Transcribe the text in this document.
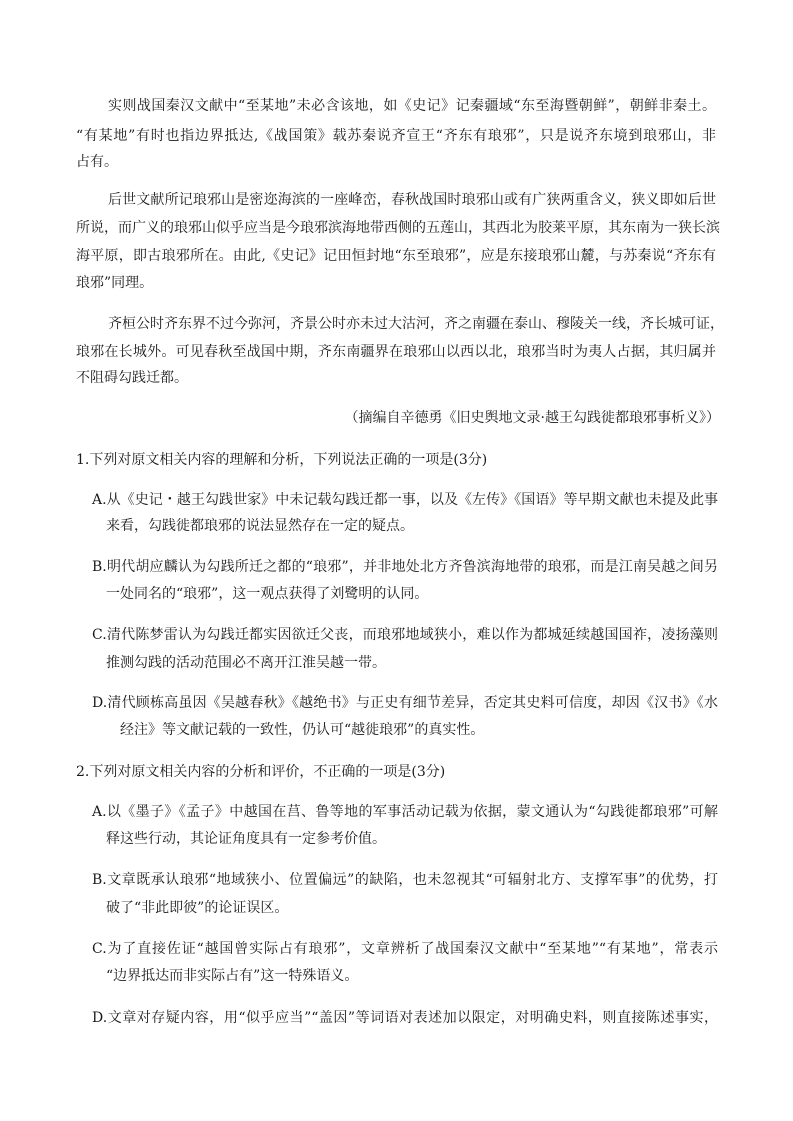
实则战国秦汉文献中“至某地”未必含该地，如《史记》记秦疆域“东至海暨朝鲜”，朝鲜非秦土。
“有某地”有时也指边界抵达,《战国策》载苏秦说齐宣王“齐东有琅邪”，只是说齐东境到琅邪山，非
占有。
后世文献所记琅邪山是密迩海滨的一座峰峦，春秋战国时琅邪山或有广狭两重含义，狭义即如后世
所说，而广义的琅邪山似乎应当是今琅邪滨海地带西侧的五莲山，其西北为胶莱平原，其东南为一狭长滨
海平原，即古琅邪所在。由此,《史记》记田恒封地“东至琅邪”，应是东接琅邪山麓，与苏秦说“齐东有
琅邪”同理。
齐桓公时齐东界不过今弥河，齐景公时亦未过大沽河，齐之南疆在泰山、穆陵关一线，齐长城可证，
琅邪在长城外。可见春秋至战国中期，齐东南疆界在琅邪山以西以北，琅邪当时为夷人占据，其归属并
不阻碍勾践迁都。
（摘编自辛德勇《旧史舆地文录·越王勾践徙都琅邪事析义》）
1.下列对原文相关内容的理解和分析，下列说法正确的一项是(3分)
A.从《史记・越王勾践世家》中未记载勾践迁都一事，以及《左传》《国语》等早期文献也未提及此事
来看，勾践徙都琅邪的说法显然存在一定的疑点。
B.明代胡应麟认为勾践所迁之都的“琅邪”，并非地处北方齐鲁滨海地带的琅邪，而是江南吴越之间另
一处同名的“琅邪”，这一观点获得了刘鹭明的认同。
C.清代陈梦雷认为勾践迁都实因欲迁父丧，而琅邪地域狭小，难以作为都城延续越国国祚，凌扬藻则
推测勾践的活动范围必不离开江淮吴越一带。
D.清代顾栋高虽因《吴越春秋》《越绝书》与正史有细节差异，否定其史料可信度，却因《汉书》《水
经注》等文献记载的一致性，仍认可“越徙琅邪”的真实性。
2.下列对原文相关内容的分析和评价，不正确的一项是(3分)
A.以《墨子》《孟子》中越国在莒、鲁等地的军事活动记载为依据，蒙文通认为“勾践徙都琅邪”可解
释这些行动，其论证角度具有一定参考价值。
B.文章既承认琅邪“地域狭小、位置偏远”的缺陷，也未忽视其“可辐射北方、支撑军事”的优势，打
破了“非此即彼”的论证误区。
C.为了直接佐证“越国曾实际占有琅邪”，文章辨析了战国秦汉文献中“至某地”“有某地”，常表示
“边界抵达而非实际占有”这一特殊语义。
D.文章对存疑内容，用“似乎应当”“盖因”等词语对表述加以限定，对明确史料，则直接陈述事实，
